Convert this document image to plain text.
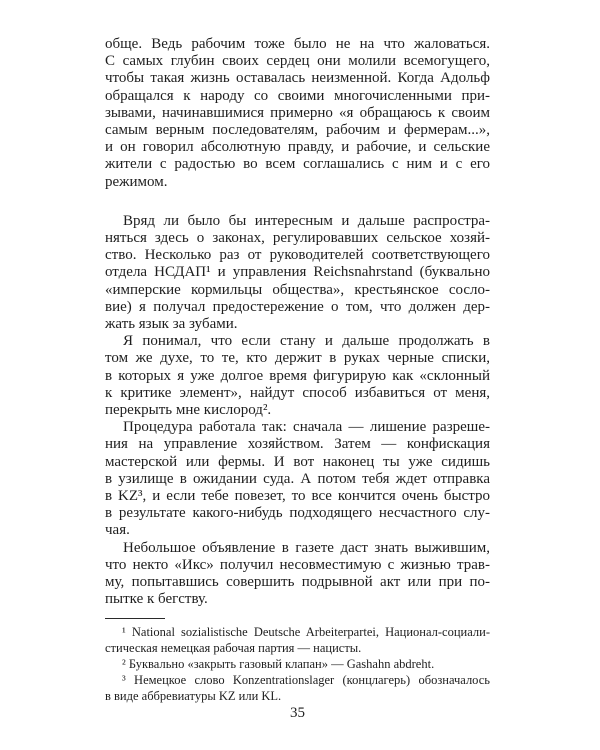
обще. Ведь рабочим тоже было не на что жаловаться.
С самых глубин своих сердец они молили всемогущего,
чтобы такая жизнь оставалась неизменной. Когда Адольф
обращался к народу со своими многочисленными при-
зывами, начинавшимися примерно «я обращаюсь к своим
самым верным последователям, рабочим и фермерам...»,
и он говорил абсолютную правду, и рабочие, и сельские
жители с радостью во всем соглашались с ним и с его
режимом.
Вряд ли было бы интересным и дальше распростра-
няться здесь о законах, регулировавших сельское хозяй-
ство. Несколько раз от руководителей соответствующего
отдела НСДАП¹ и управления Reichsnahrstand (буквально
«имперские кормильцы общества», крестьянское сосло-
вие) я получал предостережение о том, что должен дер-
жать язык за зубами.
Я понимал, что если стану и дальше продолжать в
том же духе, то те, кто держит в руках черные списки,
в которых я уже долгое время фигурирую как «склонный
к критике элемент», найдут способ избавиться от меня,
перекрыть мне кислород².
Процедура работала так: сначала — лишение разреше-
ния на управление хозяйством. Затем — конфискация
мастерской или фермы. И вот наконец ты уже сидишь
в узилище в ожидании суда. А потом тебя ждет отправка
в KZ³, и если тебе повезет, то все кончится очень быстро
в результате какого-нибудь подходящего несчастного слу-
чая.
Небольшое объявление в газете даст знать выжившим,
что некто «Икс» получил несовместимую с жизнью трав-
му, попытавшись совершить подрывной акт или при по-
пытке к бегству.
¹ National sozialistische Deutsche Arbeiterpartei, Национал-социали-
стическая немецкая рабочая партия — нацисты.
² Буквально «закрыть газовый клапан» — Gashahn abdreht.
³ Немецкое слово Konzentrationslager (концлагерь) обозначалось
в виде аббревиатуры KZ или KL.
35
